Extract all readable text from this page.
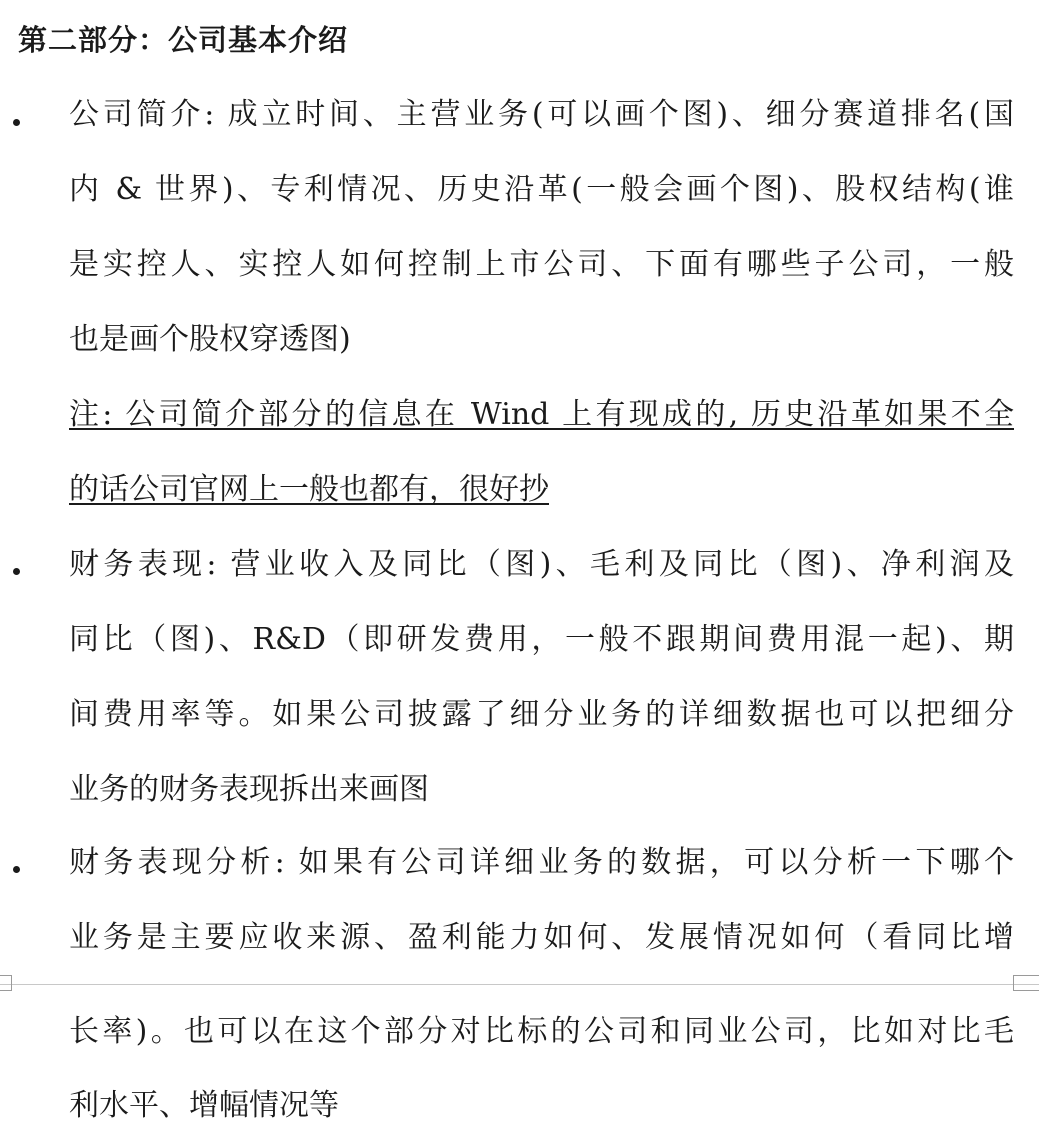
第二部分：公司基本介绍
公司简介: 成立时间、主营业务(可以画个图)、细分赛道排名(国
内 & 世界)、专利情况、历史沿革(一般会画个图)、股权结构(谁
是实控人、实控人如何控制上市公司、下面有哪些子公司，一般
也是画个股权穿透图)
注: 公司简介部分的信息在 Wind 上有现成的, 历史沿革如果不全
的话公司官网上一般也都有，很好抄
财务表现: 营业收入及同比（图)、毛利及同比（图)、净利润及
同比（图)、R&D（即研发费用，一般不跟期间费用混一起)、期
间费用率等。如果公司披露了细分业务的详细数据也可以把细分
业务的财务表现拆出来画图
财务表现分析: 如果有公司详细业务的数据，可以分析一下哪个
业务是主要应收来源、盈利能力如何、发展情况如何（看同比增
长率)。也可以在这个部分对比标的公司和同业公司，比如对比毛
利水平、增幅情况等
